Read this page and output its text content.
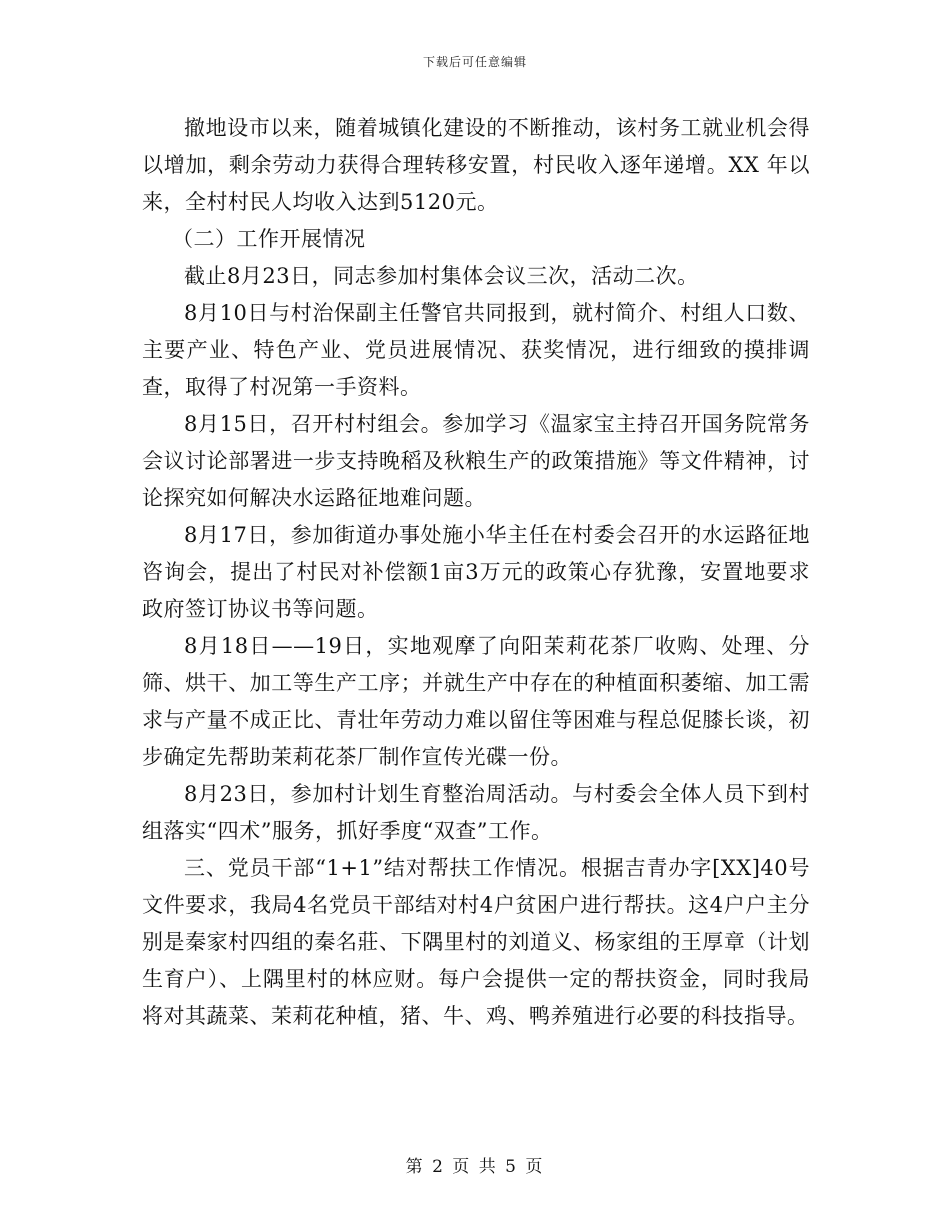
下载后可任意编辑

撤地设市以来，随着城镇化建设的不断推动，该村务工就业机会得以增加，剩余劳动力获得合理转移安置，村民收入逐年递增。XX 年以来，全村村民人均收入达到5120元。

（二）工作开展情况

截止8月23日，同志参加村集体会议三次，活动二次。

8月10日与村治保副主任警官共同报到，就村简介、村组人口数、主要产业、特色产业、党员进展情况、获奖情况，进行细致的摸排调查，取得了村况第一手资料。

8月15日，召开村村组会。参加学习《温家宝主持召开国务院常务会议讨论部署进一步支持晚稻及秋粮生产的政策措施》等文件精神，讨论探究如何解决水运路征地难问题。

8月17日，参加街道办事处施小华主任在村委会召开的水运路征地咨询会，提出了村民对补偿额1亩3万元的政策心存犹豫，安置地要求政府签订协议书等问题。

8月18日——19日，实地观摩了向阳茉莉花茶厂收购、处理、分筛、烘干、加工等生产工序；并就生产中存在的种植面积萎缩、加工需求与产量不成正比、青壮年劳动力难以留住等困难与程总促膝长谈，初步确定先帮助茉莉花茶厂制作宣传光碟一份。

8月23日，参加村计划生育整治周活动。与村委会全体人员下到村组落实“四术”服务，抓好季度“双查”工作。

三、党员干部“1+1”结对帮扶工作情况。根据吉青办字[XX]40号文件要求，我局4名党员干部结对村4户贫困户进行帮扶。这4户户主分别是秦家村四组的秦名莊、下隅里村的刘道义、杨家组的王厚章（计划生育户）、上隅里村的林应财。每户会提供一定的帮扶资金，同时我局将对其蔬菜、茉莉花种植，猪、牛、鸡、鸭养殖进行必要的科技指导。

第 2 页 共 5 页
